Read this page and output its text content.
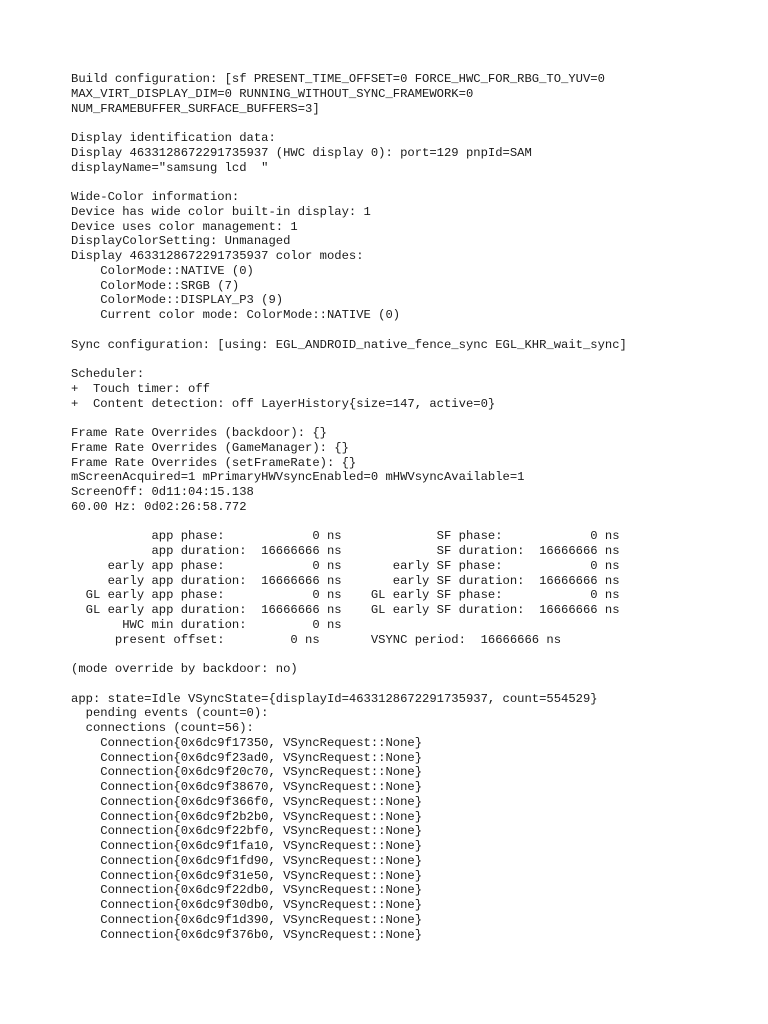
Build configuration: [sf PRESENT_TIME_OFFSET=0 FORCE_HWC_FOR_RBG_TO_YUV=0
MAX_VIRT_DISPLAY_DIM=0 RUNNING_WITHOUT_SYNC_FRAMEWORK=0
NUM_FRAMEBUFFER_SURFACE_BUFFERS=3]
Display identification data:
Display 4633128672291735937 (HWC display 0): port=129 pnpId=SAM
displayName="samsung lcd  "
Wide-Color information:
Device has wide color built-in display: 1
Device uses color management: 1
DisplayColorSetting: Unmanaged
Display 4633128672291735937 color modes:
ColorMode::NATIVE (0)
ColorMode::SRGB (7)
ColorMode::DISPLAY_P3 (9)
Current color mode: ColorMode::NATIVE (0)
Sync configuration: [using: EGL_ANDROID_native_fence_sync EGL_KHR_wait_sync]
Scheduler:
+  Touch timer: off
+  Content detection: off LayerHistory{size=147, active=0}
Frame Rate Overrides (backdoor): {}
Frame Rate Overrides (GameManager): {}
Frame Rate Overrides (setFrameRate): {}
mScreenAcquired=1 mPrimaryHWVsyncEnabled=0 mHWVsyncAvailable=1
ScreenOff: 0d11:04:15.138
60.00 Hz: 0d02:26:58.772
app phase:            0 ns             SF phase:            0 ns
app duration:  16666666 ns             SF duration:  16666666 ns
early app phase:            0 ns       early SF phase:            0 ns
early app duration:  16666666 ns       early SF duration:  16666666 ns
GL early app phase:            0 ns    GL early SF phase:            0 ns
GL early app duration:  16666666 ns    GL early SF duration:  16666666 ns
HWC min duration:         0 ns
present offset:         0 ns       VSYNC period:  16666666 ns
(mode override by backdoor: no)
app: state=Idle VSyncState={displayId=4633128672291735937, count=554529}
pending events (count=0):
connections (count=56):
Connection{0x6dc9f17350, VSyncRequest::None}
Connection{0x6dc9f23ad0, VSyncRequest::None}
Connection{0x6dc9f20c70, VSyncRequest::None}
Connection{0x6dc9f38670, VSyncRequest::None}
Connection{0x6dc9f366f0, VSyncRequest::None}
Connection{0x6dc9f2b2b0, VSyncRequest::None}
Connection{0x6dc9f22bf0, VSyncRequest::None}
Connection{0x6dc9f1fa10, VSyncRequest::None}
Connection{0x6dc9f1fd90, VSyncRequest::None}
Connection{0x6dc9f31e50, VSyncRequest::None}
Connection{0x6dc9f22db0, VSyncRequest::None}
Connection{0x6dc9f30db0, VSyncRequest::None}
Connection{0x6dc9f1d390, VSyncRequest::None}
Connection{0x6dc9f376b0, VSyncRequest::None}
